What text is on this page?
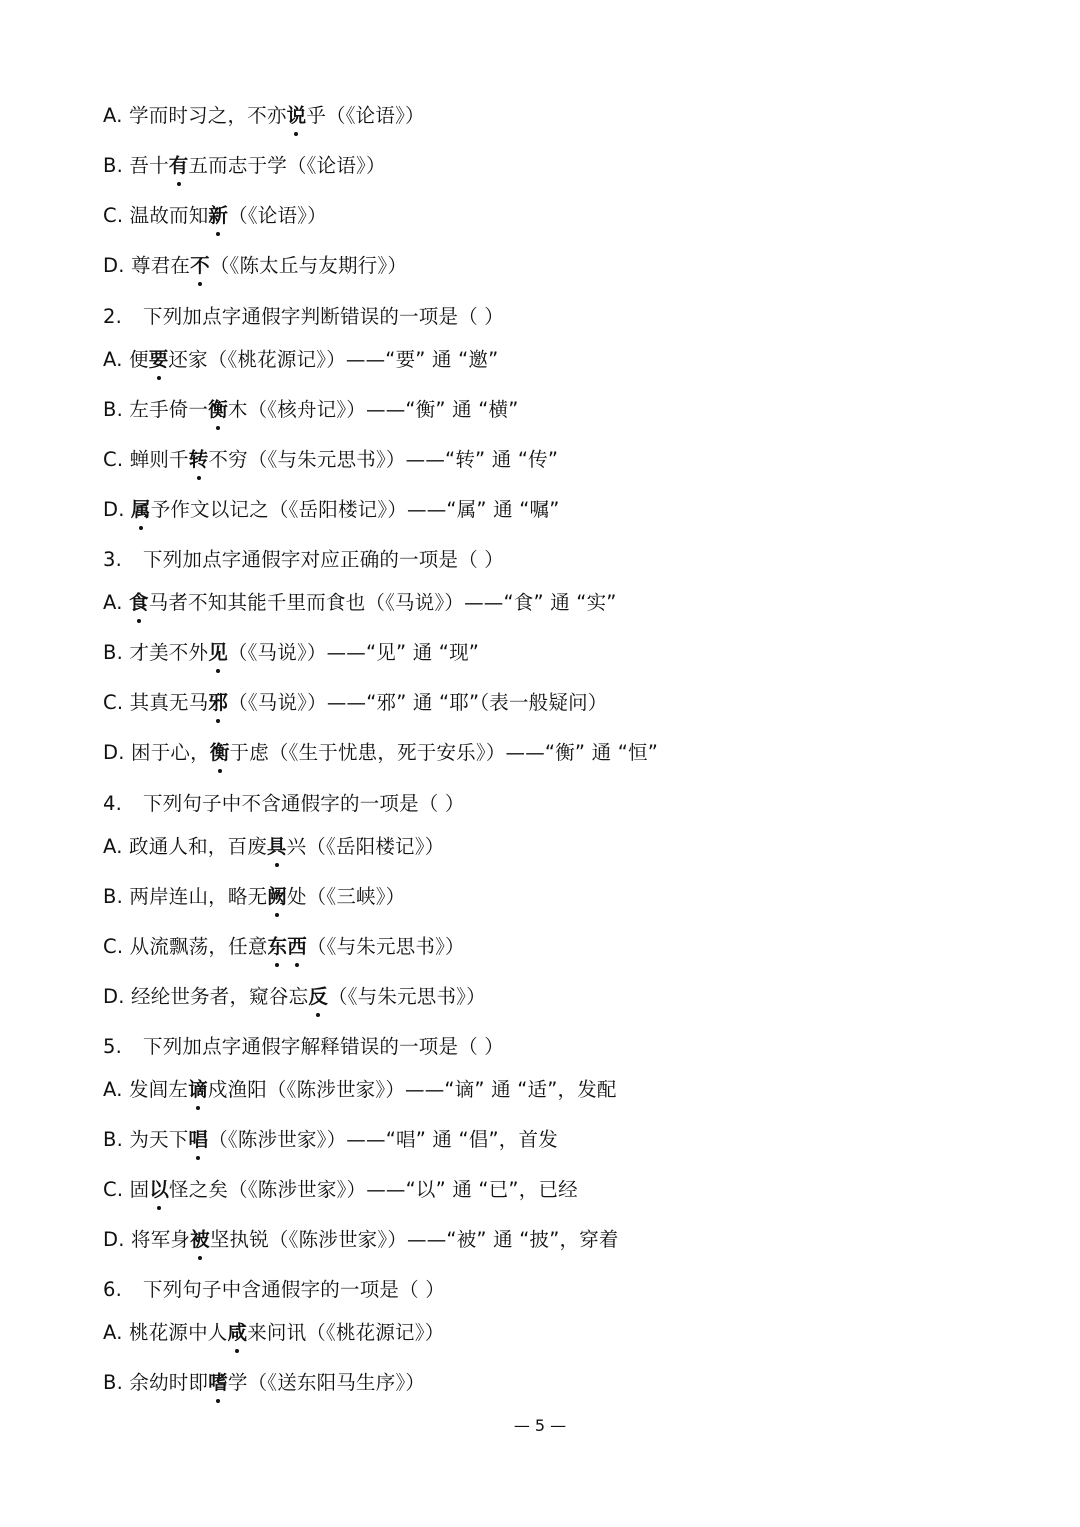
A. 学而时习之，不亦说乎（《论语》）
B. 吾十有五而志于学（《论语》）
C. 温故而知新（《论语》）
D. 尊君在不（《陈太丘与友期行》）
2. 下列加点字通假字判断错误的一项是（ ）
A. 便要还家（《桃花源记》）——“要” 通 “邀”
B. 左手倚一衡木（《核舟记》）——“衡” 通 “横”
C. 蝉则千转不穷（《与朱元思书》）——“转” 通 “传”
D. 属予作文以记之（《岳阳楼记》）——“属” 通 “嘱”
3. 下列加点字通假字对应正确的一项是（ ）
A. 食马者不知其能千里而食也（《马说》）——“食” 通 “实”
B. 才美不外见（《马说》）——“见” 通 “现”
C. 其真无马邪（《马说》）——“邪” 通 “耶”（表一般疑问）
D. 困于心，衡于虑（《生于忧患，死于安乐》）——“衡” 通 “恒”
4. 下列句子中不含通假字的一项是（ ）
A. 政通人和，百废具兴（《岳阳楼记》）
B. 两岸连山，略无阙处（《三峡》）
C. 从流飘荡，任意东西（《与朱元思书》）
D. 经纶世务者，窥谷忘反（《与朱元思书》）
5. 下列加点字通假字解释错误的一项是（ ）
A. 发闾左谪戍渔阳（《陈涉世家》）——“谪” 通 “适”，发配
B. 为天下唱（《陈涉世家》）——“唱” 通 “倡”，首发
C. 固以怪之矣（《陈涉世家》）——“以” 通 “已”，已经
D. 将军身被坚执锐（《陈涉世家》）——“被” 通 “披”，穿着
6. 下列句子中含通假字的一项是（ ）
A. 桃花源中人咸来问讯（《桃花源记》）
B. 余幼时即嗜学（《送东阳马生序》）
— 5 —
